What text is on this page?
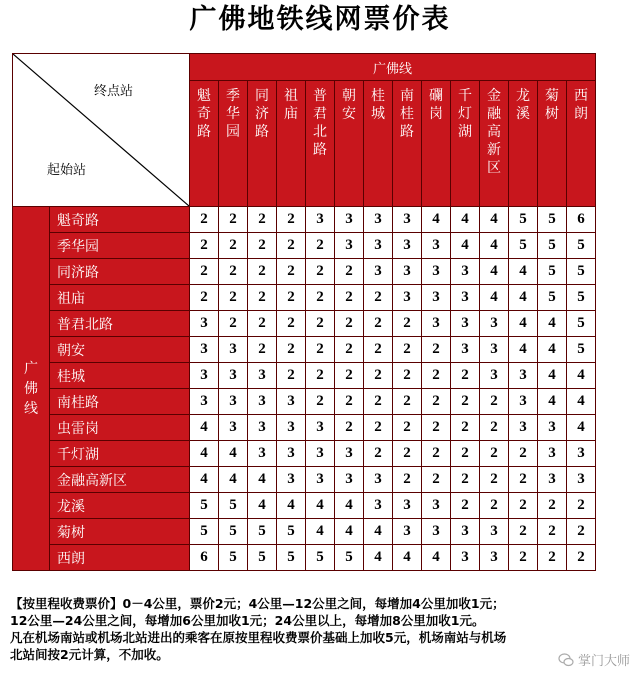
广佛地铁线网票价表
终点站
起始站		广佛线													

		魁
奇
路	季
华
园	同
济
路	祖
庙	普
君
北
路	朝
安	桂
城	南
桂
路	䃹
岗	千
灯
湖	金
融
高
新
区	龙
溪	菊
树	西
朗

广
佛
线	魁奇路	2	2	2	2	3	3	3	3	4	4	4	5	5	6
	季华园	2	2	2	2	2	3	3	3	3	4	4	5	5	5
	同济路	2	2	2	2	2	2	3	3	3	3	4	4	5	5
	祖庙	2	2	2	2	2	2	2	3	3	3	4	4	5	5
	普君北路	3	2	2	2	2	2	2	2	3	3	3	4	4	5
	朝安	3	3	2	2	2	2	2	2	2	3	3	4	4	5
	桂城	3	3	3	2	2	2	2	2	2	2	3	3	4	4
	南桂路	3	3	3	3	2	2	2	2	2	2	2	3	4	4
	虫雷岗	4	3	3	3	3	2	2	2	2	2	2	3	3	4
	千灯湖	4	4	3	3	3	3	2	2	2	2	2	2	3	3
	金融高新区	4	4	4	3	3	3	3	2	2	2	2	2	3	3
	龙溪	5	5	4	4	4	4	3	3	3	2	2	2	2	2
	菊树	5	5	5	5	4	4	4	3	3	3	3	2	2	2
	西朗	6	5	5	5	5	5	4	4	4	3	3	2	2	2

【按里程收费票价】0－4公里，票价2元；4公里—12公里之间，每增加4公里加收1元；

12公里—24公里之间，每增加6公里加收1元；24公里以上，每增加8公里加收1元。

凡在机场南站或机场北站进出的乘客在原按里程收费票价基础上加收5元，机场南站与机场

北站间按2元计算，不加收。	掌门大师
